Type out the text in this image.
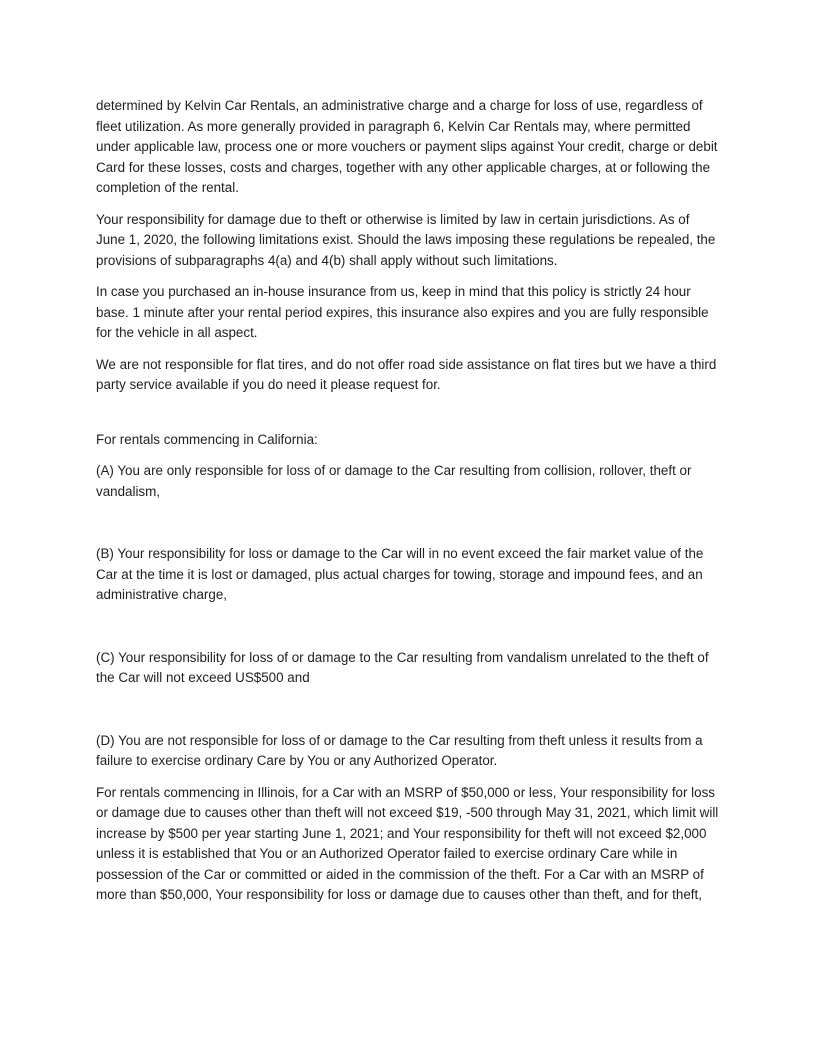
determined by Kelvin Car Rentals, an administrative charge and a charge for loss of use, regardless of fleet utilization. As more generally provided in paragraph 6, Kelvin Car Rentals may, where permitted under applicable law, process one or more vouchers or payment slips against Your credit, charge or debit Card for these losses, costs and charges, together with any other applicable charges, at or following the completion of the rental.

Your responsibility for damage due to theft or otherwise is limited by law in certain jurisdictions. As of June 1, 2020, the following limitations exist. Should the laws imposing these regulations be repealed, the provisions of subparagraphs 4(a) and 4(b) shall apply without such limitations.

In case you purchased an in-house insurance from us, keep in mind that this policy is strictly 24 hour base. 1 minute after your rental period expires, this insurance also expires and you are fully responsible for the vehicle in all aspect.

We are not responsible for flat tires, and do not offer road side assistance on flat tires but we have a third party service available if you do need it please request for.

For rentals commencing in California:

(A) You are only responsible for loss of or damage to the Car resulting from collision, rollover, theft or vandalism,

(B) Your responsibility for loss or damage to the Car will in no event exceed the fair market value of the Car at the time it is lost or damaged, plus actual charges for towing, storage and impound fees, and an administrative charge,

(C) Your responsibility for loss of or damage to the Car resulting from vandalism unrelated to the theft of the Car will not exceed US$500 and

(D) You are not responsible for loss of or damage to the Car resulting from theft unless it results from a failure to exercise ordinary Care by You or any Authorized Operator.

For rentals commencing in Illinois, for a Car with an MSRP of $50,000 or less, Your responsibility for loss or damage due to causes other than theft will not exceed $19, -500 through May 31, 2021, which limit will increase by $500 per year starting June 1, 2021; and Your responsibility for theft will not exceed $2,000 unless it is established that You or an Authorized Operator failed to exercise ordinary Care while in possession of the Car or committed or aided in the commission of the theft. For a Car with an MSRP of more than $50,000, Your responsibility for loss or damage due to causes other than theft, and for theft,
